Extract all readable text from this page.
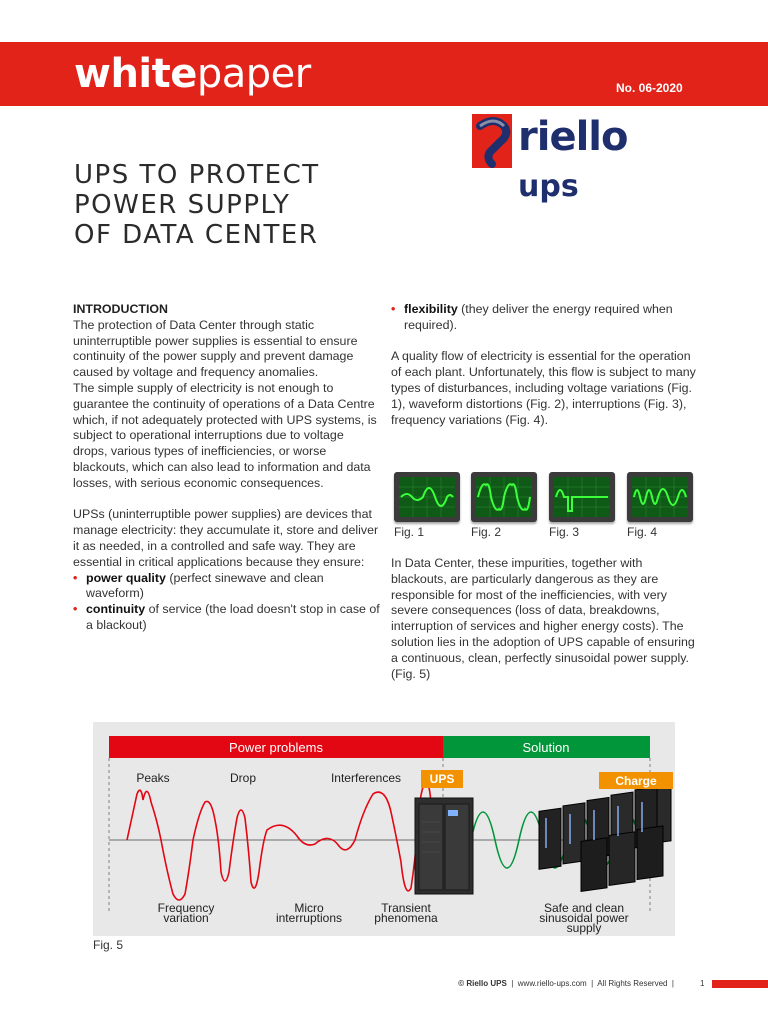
whitepaper	No. 06-2020
riello ups
UPS TO PROTECT
POWER SUPPLY
OF DATA CENTER

INTRODUCTION

The protection of Data Center through static uninterruptible power supplies is essential to ensure continuity of the power supply and prevent damage caused by voltage and frequency anomalies.

The simple supply of electricity is not enough to guarantee the continuity of operations of a Data Centre which, if not adequately protected with UPS systems, is subject to operational interruptions due to voltage drops, various types of inefficiencies, or worse blackouts, which can also lead to information and data losses, with serious economic consequences.

UPSs (uninterruptible power supplies) are devices that manage electricity: they accumulate it, store and deliver it as needed, in a controlled and safe way. They are essential in critical applications because they ensure:

• power quality (perfect sinewave and clean waveform)
• continuity of service (the load doesn't stop in case of a blackout)
• flexibility (they deliver the energy required when required).

A quality flow of electricity is essential for the operation of each plant. Unfortunately, this flow is subject to many types of disturbances, including voltage variations (Fig. 1), waveform distortions (Fig. 2), interruptions (Fig. 3), frequency variations (Fig. 4).

Fig. 1	Fig. 2	Fig. 3	Fig. 4

In Data Center, these impurities, together with blackouts, are particularly dangerous as they are responsible for most of the inefficiencies, with very severe consequences (loss of data, breakdowns, interruption of services and higher energy costs). The solution lies in the adoption of UPS capable of ensuring a continuous, clean, perfectly sinusoidal power supply. (Fig. 5)

Power problems	Solution
Peaks	Drop	Interferences UPS	Charge
Frequency variation
Micro interruptions
Transient phenomena
Safe and clean sinusoidal power supply
Fig. 5
© Riello UPS  |  www.riello-ups.com  |  All Rights Reserved  |	1
